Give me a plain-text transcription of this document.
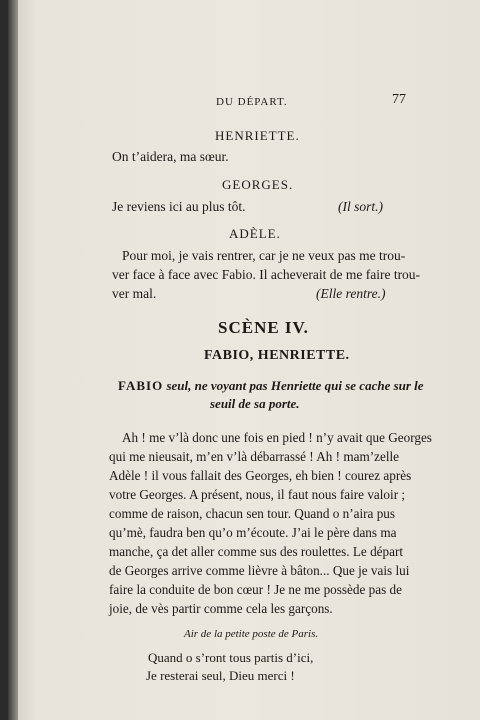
DU DÉPART.	77
HENRIETTE.
On t’aidera, ma sœur.
GEORGES.
Je reviens ici au plus tôt.	(Il sort.)
ADÈLE.
Pour moi, je vais rentrer, car je ne veux pas me trou-
ver face à face avec Fabio. Il acheverait de me faire trou-
ver mal.	(Elle rentre.)
SCÈNE IV.
FABIO, HENRIETTE.
FABIO seul, ne voyant pas Henriette qui se cache sur le
seuil de sa porte.
Ah ! me v’là donc une fois en pied ! n’y avait que Georges
qui me nieusait, m’en v’là débarrassé ! Ah ! mam’zelle
Adèle ! il vous fallait des Georges, eh bien ! courez après
votre Georges. A présent, nous, il faut nous faire valoir ;
comme de raison, chacun sen tour. Quand o n’aira pus
qu’mè, faudra ben qu’o m’écoute. J’ai le père dans ma
manche, ça det aller comme sus des roulettes. Le départ
de Georges arrive comme lièvre à bâton... Que je vais lui
faire la conduite de bon cœur ! Je ne me possède pas de
joie, de vès partir comme cela les garçons.
Air de la petite poste de Paris.
Quand o s’ront tous partis d’ici,
Je resterai seul, Dieu merci !
